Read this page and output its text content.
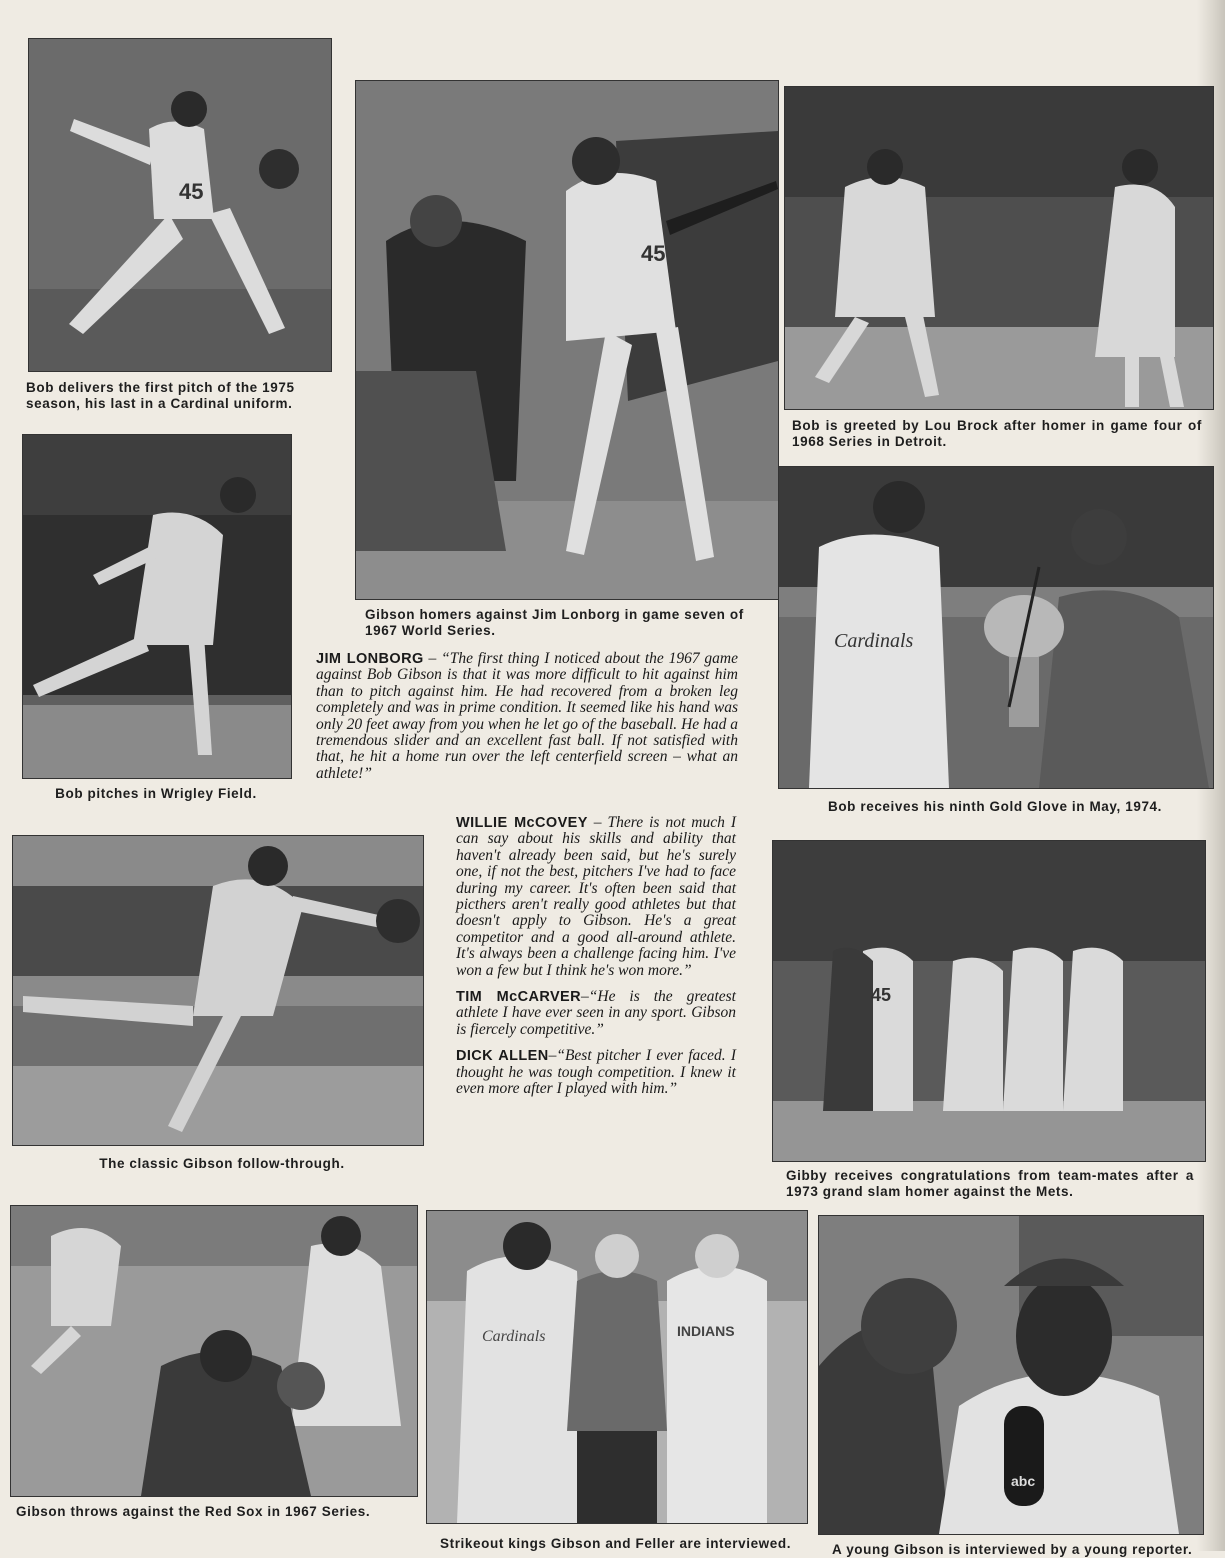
45
Bob delivers the first pitch of the 1975 season, his last in a Cardinal uniform.
45
Gibson homers against Jim Lonborg in game seven of 1967 World Series.
Bob is greeted by Lou Brock after homer in game four of 1968 Series in Detroit.
Bob pitches in Wrigley Field.
Cardinals
Bob receives his ninth Gold Glove in May, 1974.
The classic Gibson follow-through.
45
Gibby receives congratulations from team-mates after a 1973 grand slam homer against the Mets.
Gibson throws against the Red Sox in 1967 Series.
Cardinals	INDIANS
Strikeout kings Gibson and Feller are interviewed.
abc
A young Gibson is interviewed by a young reporter.

JIM LONBORG – “The first thing I noticed about the 1967 game against Bob Gibson is that it was more difficult to hit against him than to pitch against him. He had recovered from a broken leg completely and was in prime condition. It seemed like his hand was only 20 feet away from you when he let go of the baseball. He had a tremendous slider and an excellent fast ball. If not satisfied with that, he hit a home run over the left centerfield screen – what an athlete!”

WILLIE McCOVEY – There is not much I can say about his skills and ability that haven't already been said, but he's surely one, if not the best, pitchers I've had to face during my career. It's often been said that picthers aren't really good athletes but that doesn't apply to Gibson. He's a great competitor and a good all-around athlete. It's always been a challenge facing him. I've won a few but I think he's won more.”

TIM McCARVER–“He is the greatest athlete I have ever seen in any sport. Gibson is fiercely competitive.”

DICK ALLEN–“Best pitcher I ever faced. I thought he was tough competition. I knew it even more after I played with him.”
